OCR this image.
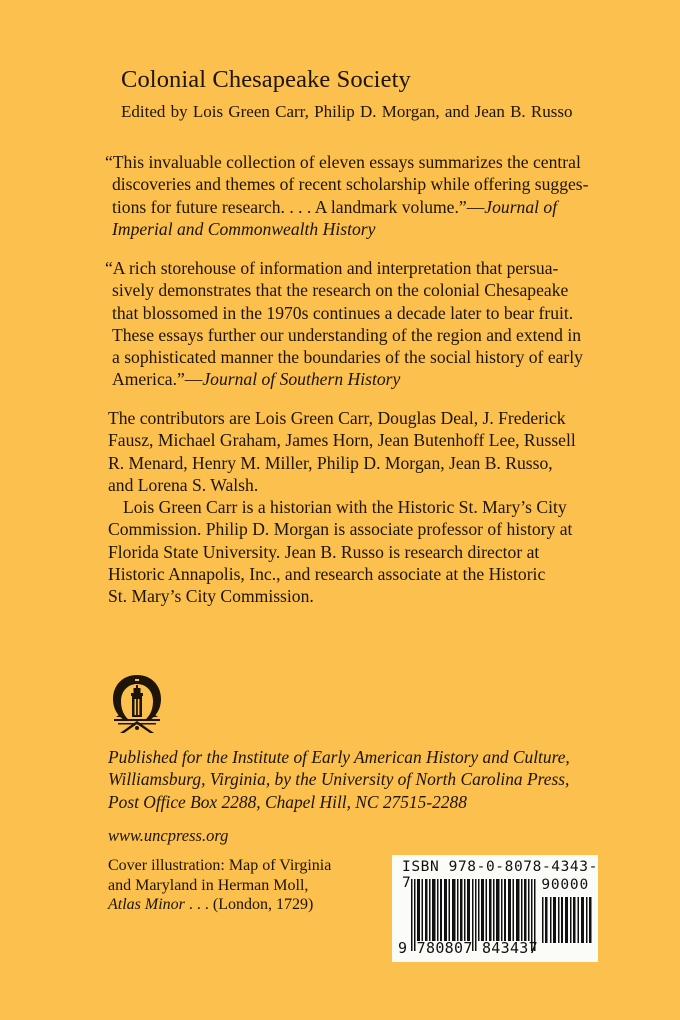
Colonial Chesapeake Society
Edited by Lois Green Carr, Philip D. Morgan, and Jean B. Russo
“This invaluable collection of eleven essays summarizes the central
discoveries and themes of recent scholarship while offering sugges-
tions for future research. . . . A landmark volume.”—Journal of
Imperial and Commonwealth History
“A rich storehouse of information and interpretation that persua-
sively demonstrates that the research on the colonial Chesapeake
that blossomed in the 1970s continues a decade later to bear fruit.
These essays further our understanding of the region and extend in
a sophisticated manner the boundaries of the social history of early
America.”—Journal of Southern History
The contributors are Lois Green Carr, Douglas Deal, J. Frederick
Fausz, Michael Graham, James Horn, Jean Butenhoff Lee, Russell
R. Menard, Henry M. Miller, Philip D. Morgan, Jean B. Russo,
and Lorena S. Walsh.
Lois Green Carr is a historian with the Historic St. Mary’s City
Commission. Philip D. Morgan is associate professor of history at
Florida State University. Jean B. Russo is research director at
Historic Annapolis, Inc., and research associate at the Historic
St. Mary’s City Commission.
Published for the Institute of Early American History and Culture,
Williamsburg, Virginia, by the University of North Carolina Press,
Post Office Box 2288, Chapel Hill, NC 27515-2288
www.uncpress.org
Cover illustration: Map of Virginia
and Maryland in Herman Moll,
Atlas Minor . . . (London, 1729)
ISBN 978-0-8078-4343-7	90000
9 780807 843437
